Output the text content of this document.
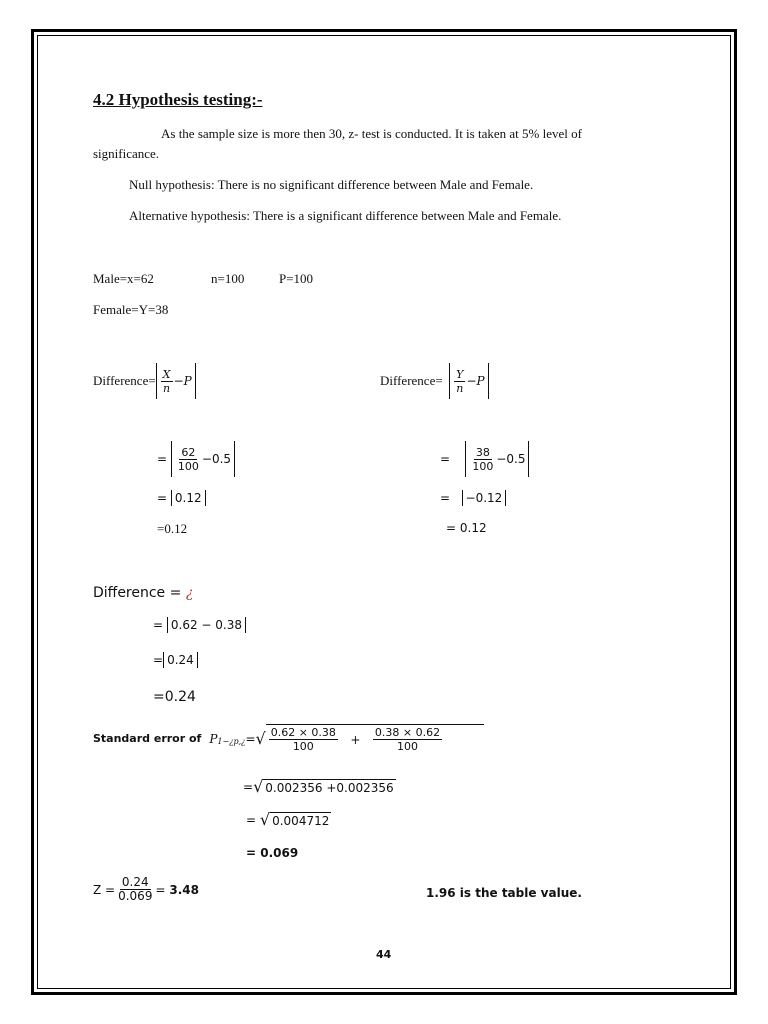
4.2 Hypothesis testing:-
As the sample size is more then 30, z- test is conducted. It is taken at 5% level of
significance.
Null hypothesis: There is no significant difference between Male and Female.
Alternative hypothesis: There is a significant difference between Male and Female.
Male=x=62	n=100	P=100
Female=Y=38
Difference= $\frac{X}{n} - P$
=
$\frac{62}{100} - 0.5$
=
0.12
=0.12
Difference=
$\frac{Y}{n} - P$
=
$\frac{38}{100} - 0.5$
=
	−0.12
= 0.12
Difference = ¿
=
0.62 − 0.38
= 0.24
=0.24
Standard error of
P 1−¿p,¿ = √ $\frac{0.62 \times 0.38}{100}$
+
$\frac{0.38 \times 0.62}{100}$
= √ 0.002356 +0.002356
=
√ 0.004712
= 0.069
$Z = \frac{0.24}{0.069}$ =
3.48	1.96 is the table value.
44
